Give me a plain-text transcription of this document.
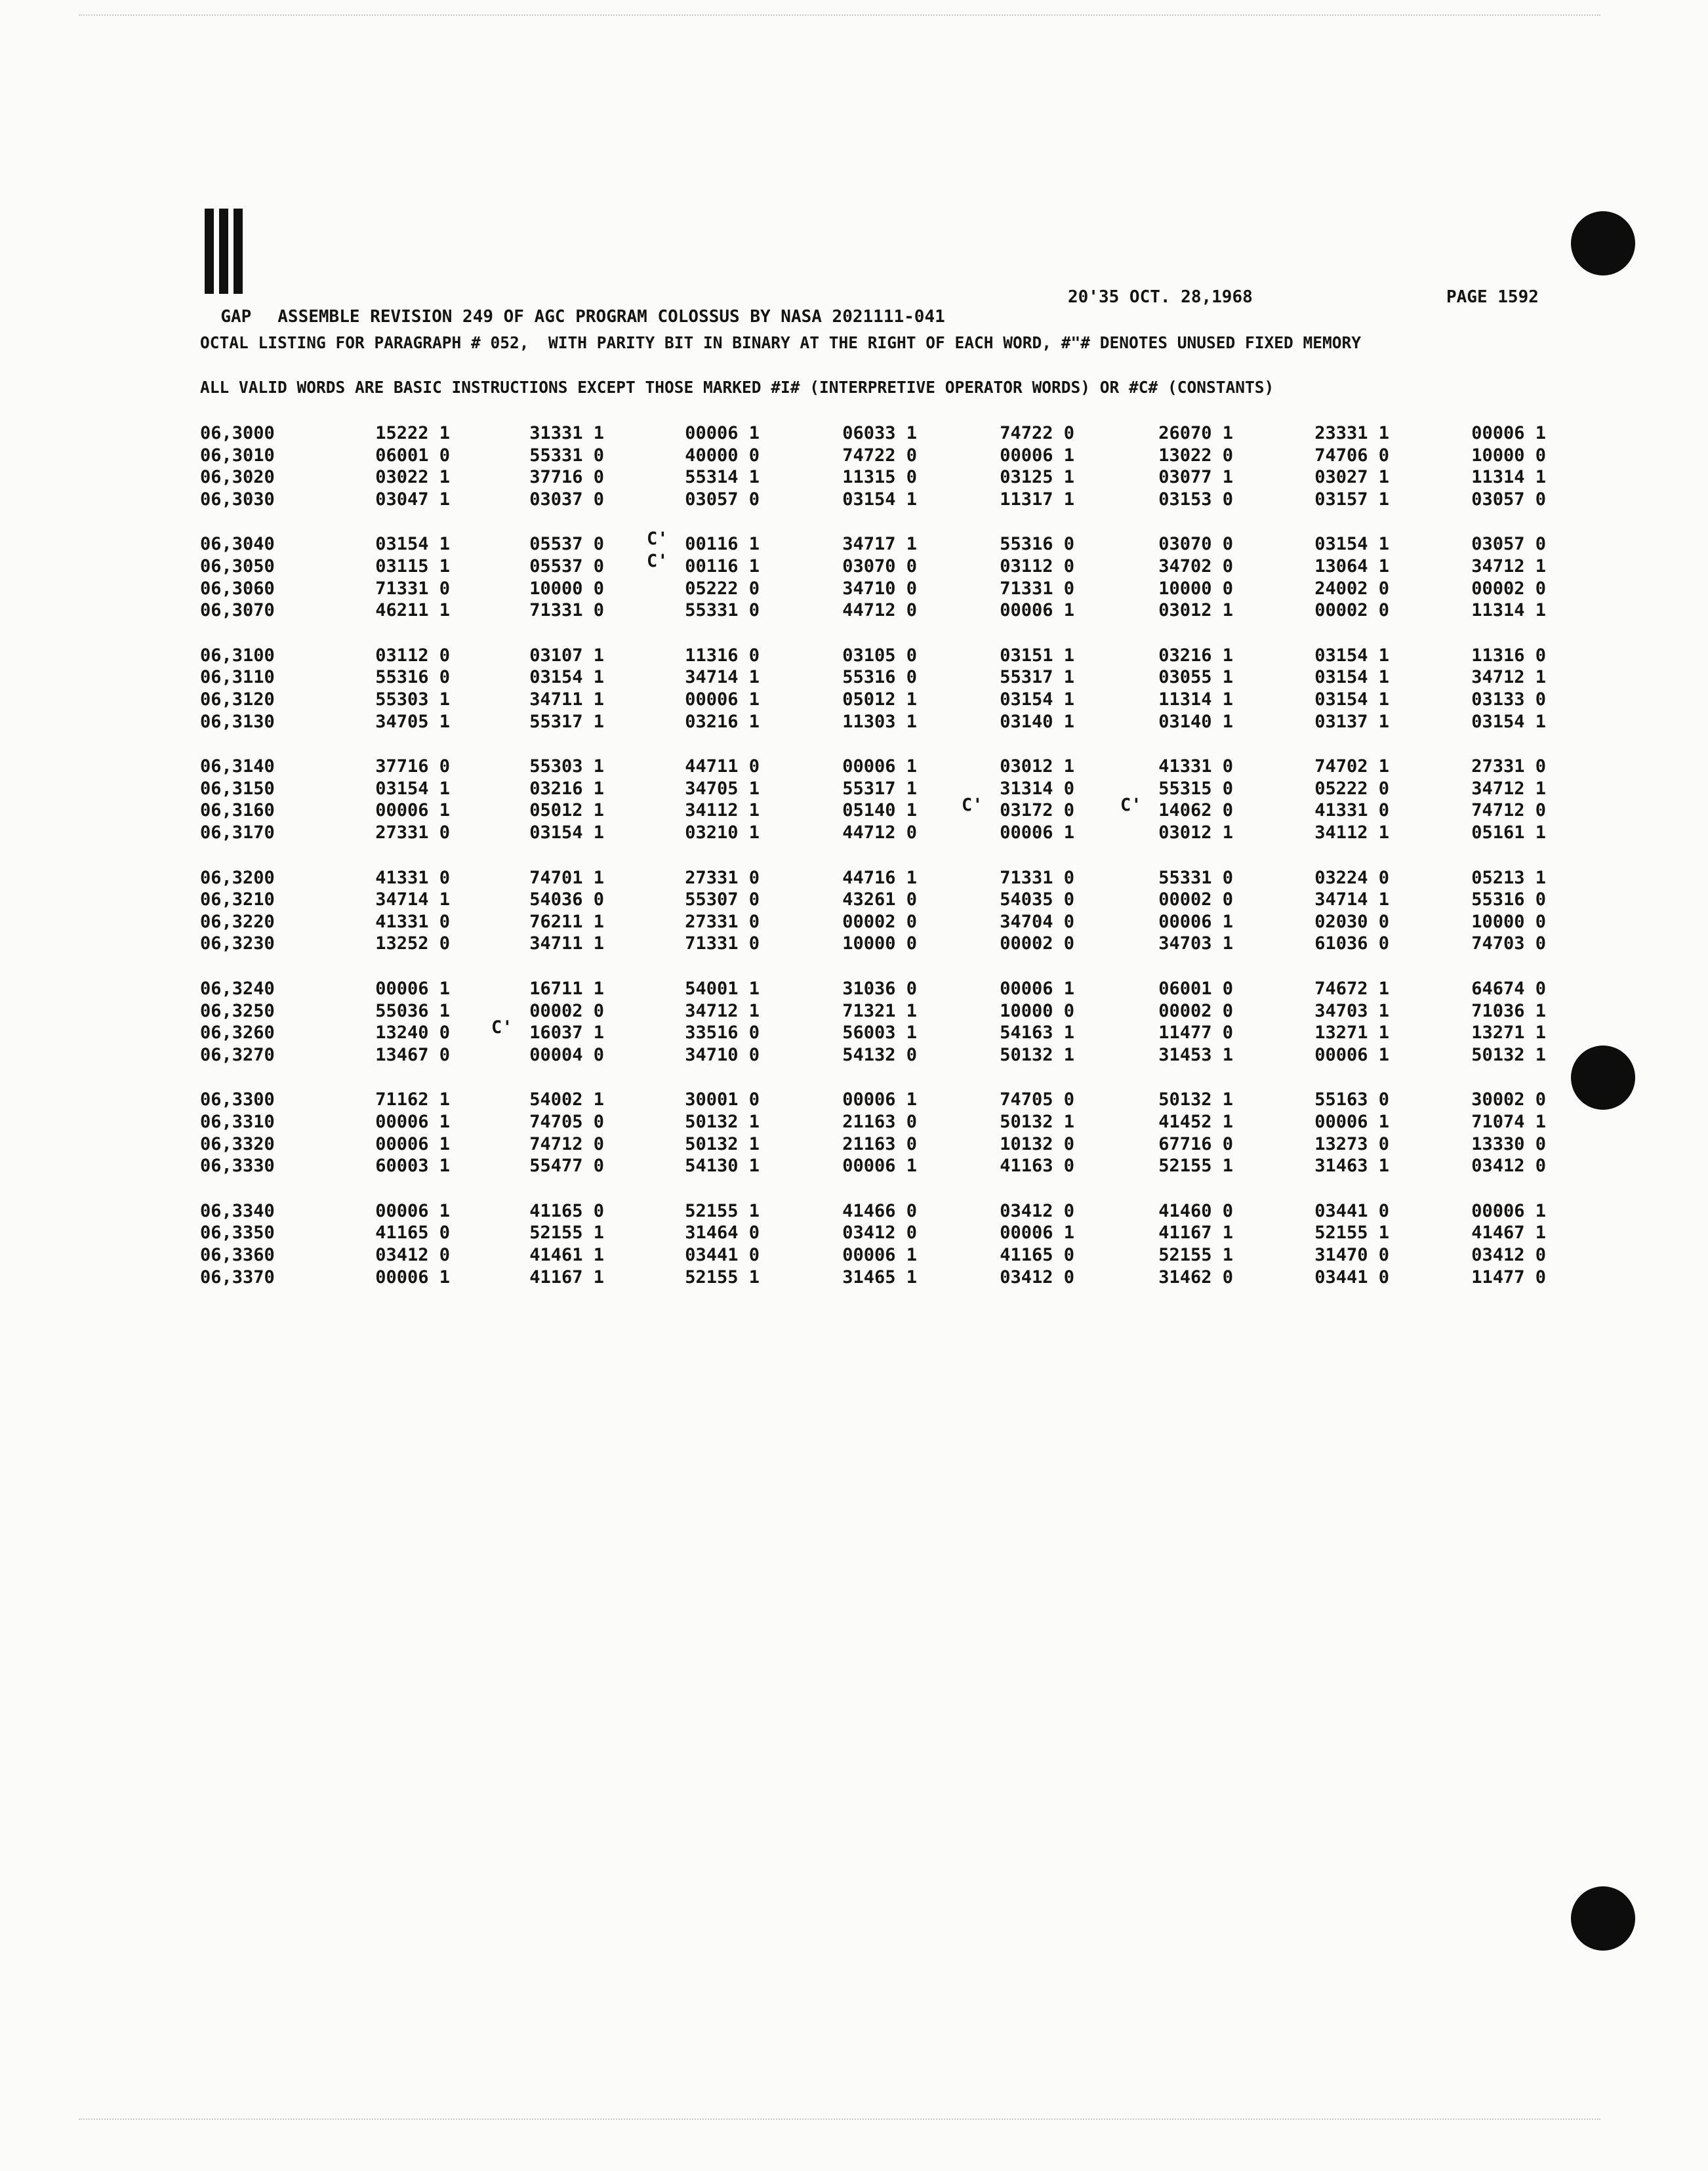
GAP ASSEMBLE REVISION 249 OF AGC PROGRAM COLOSSUS BY NASA 2021111-041

20'35 OCT. 28,1968	PAGE 1592
OCTAL LISTING FOR PARAGRAPH # 052,  WITH PARITY BIT IN BINARY AT THE RIGHT OF EACH WORD, #"# DENOTES UNUSED FIXED MEMORY
ALL VALID WORDS ARE BASIC INSTRUCTIONS EXCEPT THOSE MARKED #I# (INTERPRETIVE OPERATOR WORDS) OR #C# (CONSTANTS)
06,3000	15222 1	31331 1	00006 1	06033 1	74722 0	26070 1	23331 1	00006 1
06,3010	06001 0	55331 0	40000 0	74722 0	00006 1	13022 0	74706 0	10000 0
06,3020	03022 1	37716 0	55314 1	11315 0	03125 1	03077 1	03027 1	11314 1
06,3030	03047 1	03037 0	03057 0	03154 1	11317 1	03153 0	03157 1	03057 0
06,3040	03154 1	05537 0	00116 1	34717 1	55316 0	03070 0	03154 1	03057 0
C'
06,3050	03115 1	05537 0	00116 1	03070 0	03112 0	34702 0	13064 1	34712 1
C'
06,3060	71331 0	10000 0	05222 0	34710 0	71331 0	10000 0	24002 0	00002 0
06,3070	46211 1	71331 0	55331 0	44712 0	00006 1	03012 1	00002 0	11314 1
06,3100	03112 0	03107 1	11316 0	03105 0	03151 1	03216 1	03154 1	11316 0
06,3110	55316 0	03154 1	34714 1	55316 0	55317 1	03055 1	03154 1	34712 1
06,3120	55303 1	34711 1	00006 1	05012 1	03154 1	11314 1	03154 1	03133 0
06,3130	34705 1	55317 1	03216 1	11303 1	03140 1	03140 1	03137 1	03154 1
06,3140	37716 0	55303 1	44711 0	00006 1	03012 1	41331 0	74702 1	27331 0
06,3150	03154 1	03216 1	34705 1	55317 1	31314 0	55315 0	05222 0	34712 1
06,3160	00006 1	05012 1	34112 1	05140 1	03172 0	14062 0	41331 0	74712 0
C'	C'
06,3170	27331 0	03154 1	03210 1	44712 0	00006 1	03012 1	34112 1	05161 1
06,3200	41331 0	74701 1	27331 0	44716 1	71331 0	55331 0	03224 0	05213 1
06,3210	34714 1	54036 0	55307 0	43261 0	54035 0	00002 0	34714 1	55316 0
06,3220	41331 0	76211 1	27331 0	00002 0	34704 0	00006 1	02030 0	10000 0
06,3230	13252 0	34711 1	71331 0	10000 0	00002 0	34703 1	61036 0	74703 0
06,3240	00006 1	16711 1	54001 1	31036 0	00006 1	06001 0	74672 1	64674 0
06,3250	55036 1	00002 0	34712 1	71321 1	10000 0	00002 0	34703 1	71036 1
06,3260	13240 0	16037 1	33516 0	56003 1	54163 1	11477 0	13271 1	13271 1
C'
06,3270	13467 0	00004 0	34710 0	54132 0	50132 1	31453 1	00006 1	50132 1
06,3300	71162 1	54002 1	30001 0	00006 1	74705 0	50132 1	55163 0	30002 0
06,3310	00006 1	74705 0	50132 1	21163 0	50132 1	41452 1	00006 1	71074 1
06,3320	00006 1	74712 0	50132 1	21163 0	10132 0	67716 0	13273 0	13330 0
06,3330	60003 1	55477 0	54130 1	00006 1	41163 0	52155 1	31463 1	03412 0
06,3340	00006 1	41165 0	52155 1	41466 0	03412 0	41460 0	03441 0	00006 1
06,3350	41165 0	52155 1	31464 0	03412 0	00006 1	41167 1	52155 1	41467 1
06,3360	03412 0	41461 1	03441 0	00006 1	41165 0	52155 1	31470 0	03412 0
06,3370	00006 1	41167 1	52155 1	31465 1	03412 0	31462 0	03441 0	11477 0
